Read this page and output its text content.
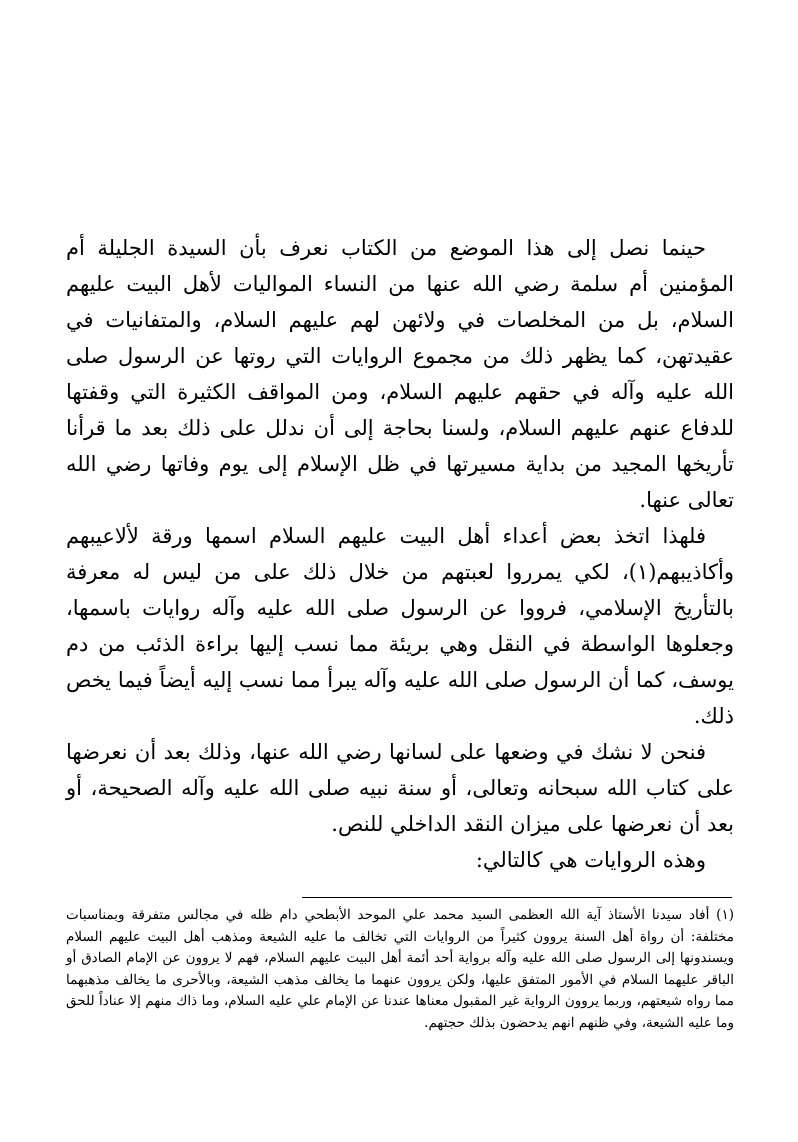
حينما نصل إلى هذا الموضع من الكتاب نعرف بأن السيدة الجليلة أم المؤمنين أم سلمة رضي الله عنها من النساء المواليات لأهل البيت عليهم السلام، بل من المخلصات في ولائهن لهم عليهم السلام، والمتفانيات في عقيدتهن، كما يظهر ذلك من مجموع الروايات التي روتها عن الرسول صلى الله عليه وآله في حقهم عليهم السلام، ومن المواقف الكثيرة التي وقفتها للدفاع عنهم عليهم السلام، ولسنا بحاجة إلى أن ندلل على ذلك بعد ما قرأنا تأريخها المجيد من بداية مسيرتها في ظل الإسلام إلى يوم وفاتها رضي الله تعالى عنها.

فلهذا اتخذ بعض أعداء أهل البيت عليهم السلام اسمها ورقة لألاعيبهم وأكاذيبهم(١)، لكي يمرروا لعبتهم من خلال ذلك على من ليس له معرفة بالتأريخ الإسلامي، فرووا عن الرسول صلى الله عليه وآله روايات باسمها، وجعلوها الواسطة في النقل وهي بريئة مما نسب إليها براءة الذئب من دم يوسف، كما أن الرسول صلى الله عليه وآله يبرأ مما نسب إليه أيضاً فيما يخص ذلك.

فنحن لا نشك في وضعها على لسانها رضي الله عنها، وذلك بعد أن نعرضها على كتاب الله سبحانه وتعالى، أو سنة نبيه صلى الله عليه وآله الصحيحة، أو بعد أن نعرضها على ميزان النقد الداخلي للنص.

وهذه الروايات هي كالتالي:

(١) أفاد سيدنا الأستاذ آية الله العظمى السيد محمد علي الموحد الأبطحي دام ظله في مجالس متفرقة وبمناسبات مختلفة: أن رواة أهل السنة يروون كثيراً من الروايات التي تخالف ما عليه الشيعة ومذهب أهل البيت عليهم السلام ويسندونها إلى الرسول صلى الله عليه وآله برواية أحد أئمة أهل البيت عليهم السلام، فهم لا يروون عن الإمام الصادق أو الباقر عليهما السلام في الأمور المتفق عليها، ولكن يروون عنهما ما يخالف مذهب الشيعة، وبالأحرى ما يخالف مذهبهما مما رواه شيعتهم، وربما يروون الرواية غير المقبول معناها عندنا عن الإمام علي عليه السلام، وما ذاك منهم إلا عناداً للحق وما عليه الشيعة، وفي ظنهم انهم يدحضون بذلك حجتهم.
